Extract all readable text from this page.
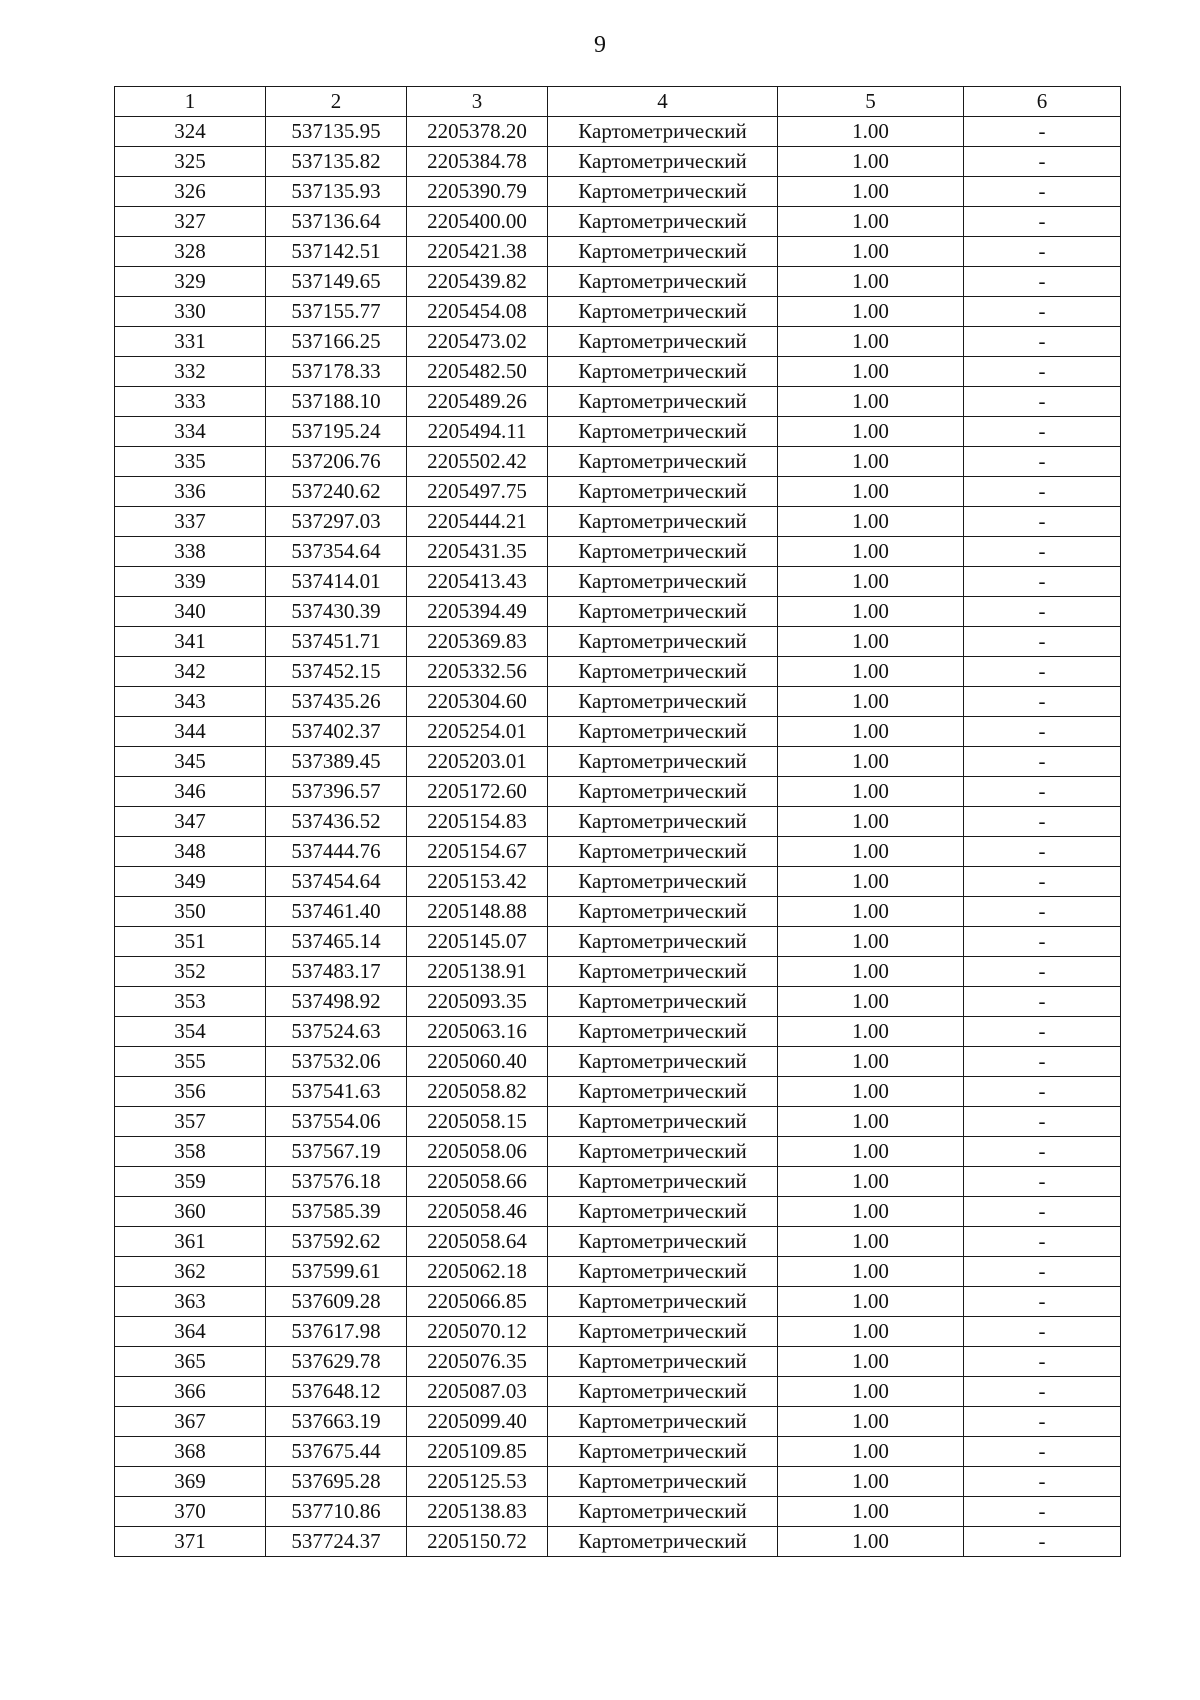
9
1	2	3	4	5	6
324	537135.95	2205378.20	Картометрический	1.00	-
325	537135.82	2205384.78	Картометрический	1.00	-
326	537135.93	2205390.79	Картометрический	1.00	-
327	537136.64	2205400.00	Картометрический	1.00	-
328	537142.51	2205421.38	Картометрический	1.00	-
329	537149.65	2205439.82	Картометрический	1.00	-
330	537155.77	2205454.08	Картометрический	1.00	-
331	537166.25	2205473.02	Картометрический	1.00	-
332	537178.33	2205482.50	Картометрический	1.00	-
333	537188.10	2205489.26	Картометрический	1.00	-
334	537195.24	2205494.11	Картометрический	1.00	-
335	537206.76	2205502.42	Картометрический	1.00	-
336	537240.62	2205497.75	Картометрический	1.00	-
337	537297.03	2205444.21	Картометрический	1.00	-
338	537354.64	2205431.35	Картометрический	1.00	-
339	537414.01	2205413.43	Картометрический	1.00	-
340	537430.39	2205394.49	Картометрический	1.00	-
341	537451.71	2205369.83	Картометрический	1.00	-
342	537452.15	2205332.56	Картометрический	1.00	-
343	537435.26	2205304.60	Картометрический	1.00	-
344	537402.37	2205254.01	Картометрический	1.00	-
345	537389.45	2205203.01	Картометрический	1.00	-
346	537396.57	2205172.60	Картометрический	1.00	-
347	537436.52	2205154.83	Картометрический	1.00	-
348	537444.76	2205154.67	Картометрический	1.00	-
349	537454.64	2205153.42	Картометрический	1.00	-
350	537461.40	2205148.88	Картометрический	1.00	-
351	537465.14	2205145.07	Картометрический	1.00	-
352	537483.17	2205138.91	Картометрический	1.00	-
353	537498.92	2205093.35	Картометрический	1.00	-
354	537524.63	2205063.16	Картометрический	1.00	-
355	537532.06	2205060.40	Картометрический	1.00	-
356	537541.63	2205058.82	Картометрический	1.00	-
357	537554.06	2205058.15	Картометрический	1.00	-
358	537567.19	2205058.06	Картометрический	1.00	-
359	537576.18	2205058.66	Картометрический	1.00	-
360	537585.39	2205058.46	Картометрический	1.00	-
361	537592.62	2205058.64	Картометрический	1.00	-
362	537599.61	2205062.18	Картометрический	1.00	-
363	537609.28	2205066.85	Картометрический	1.00	-
364	537617.98	2205070.12	Картометрический	1.00	-
365	537629.78	2205076.35	Картометрический	1.00	-
366	537648.12	2205087.03	Картометрический	1.00	-
367	537663.19	2205099.40	Картометрический	1.00	-
368	537675.44	2205109.85	Картометрический	1.00	-
369	537695.28	2205125.53	Картометрический	1.00	-
370	537710.86	2205138.83	Картометрический	1.00	-
371	537724.37	2205150.72	Картометрический	1.00	-
